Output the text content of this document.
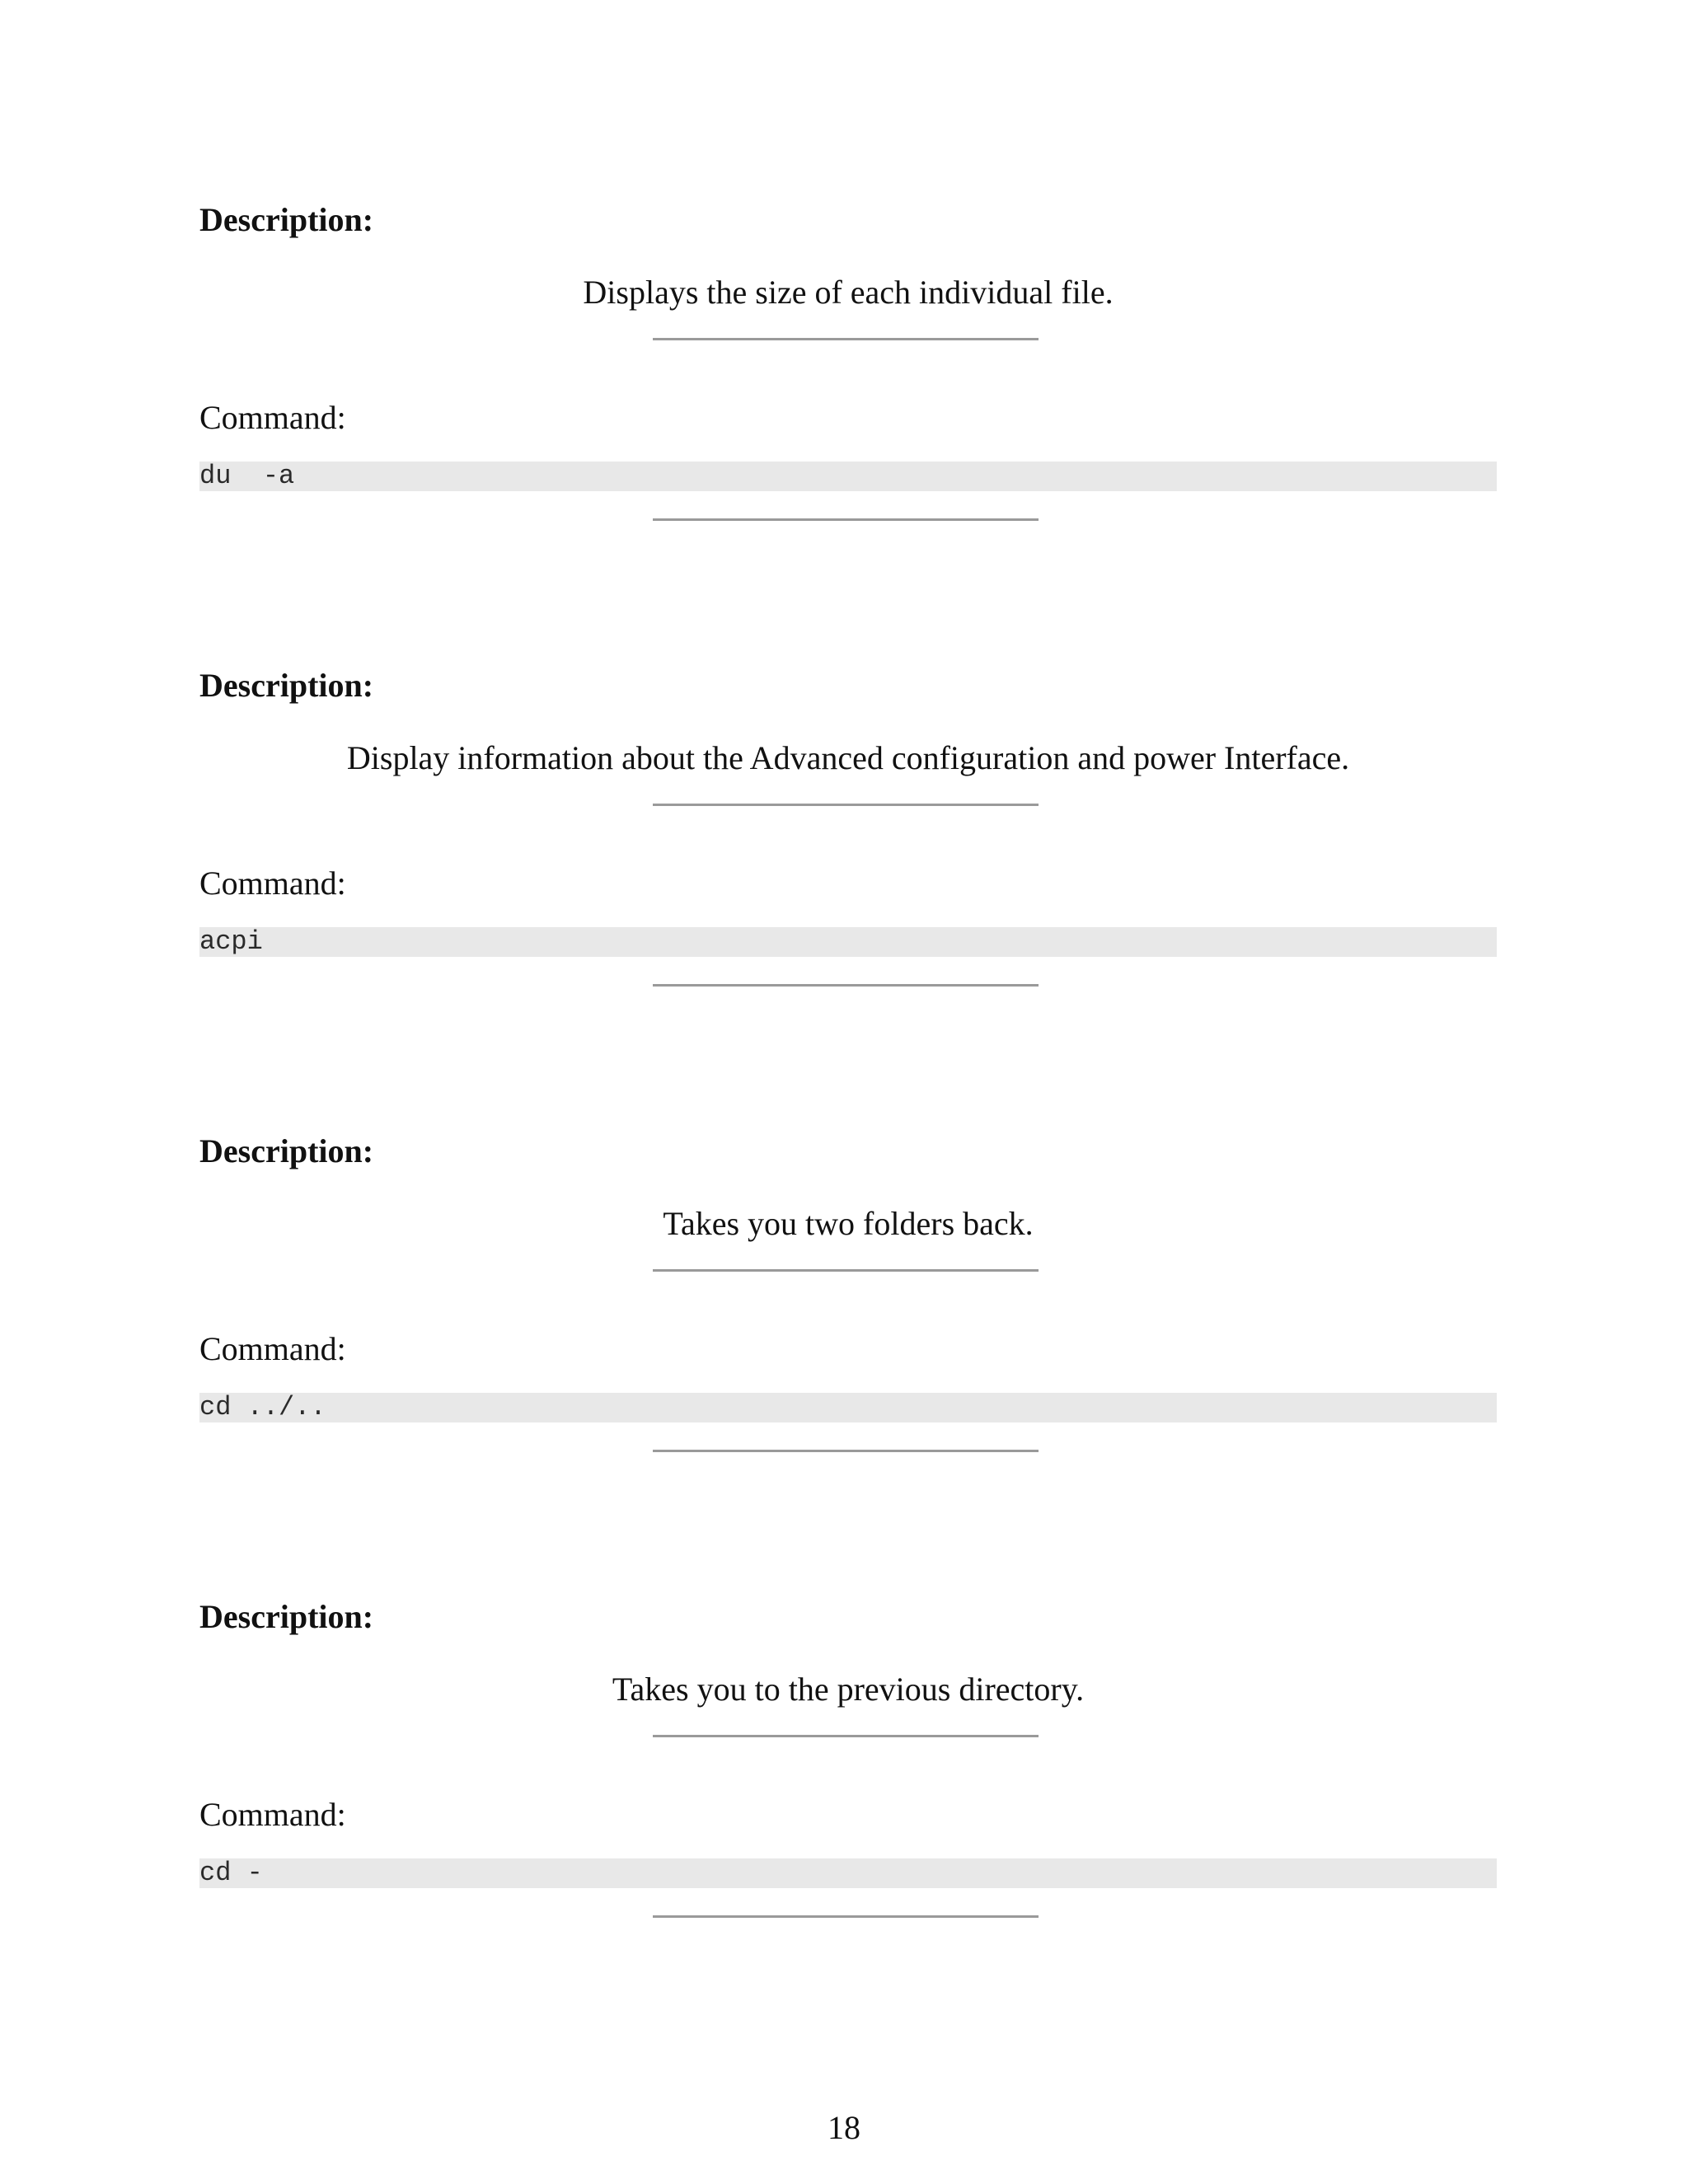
Description:
Displays the size of each individual file.
Command:
du  -a
Description:
Display information about the Advanced configuration and power Interface.
Command:
acpi
Description:
Takes you two folders back.
Command:
cd ../..
Description:
Takes you to the previous directory.
Command:
cd -
18
